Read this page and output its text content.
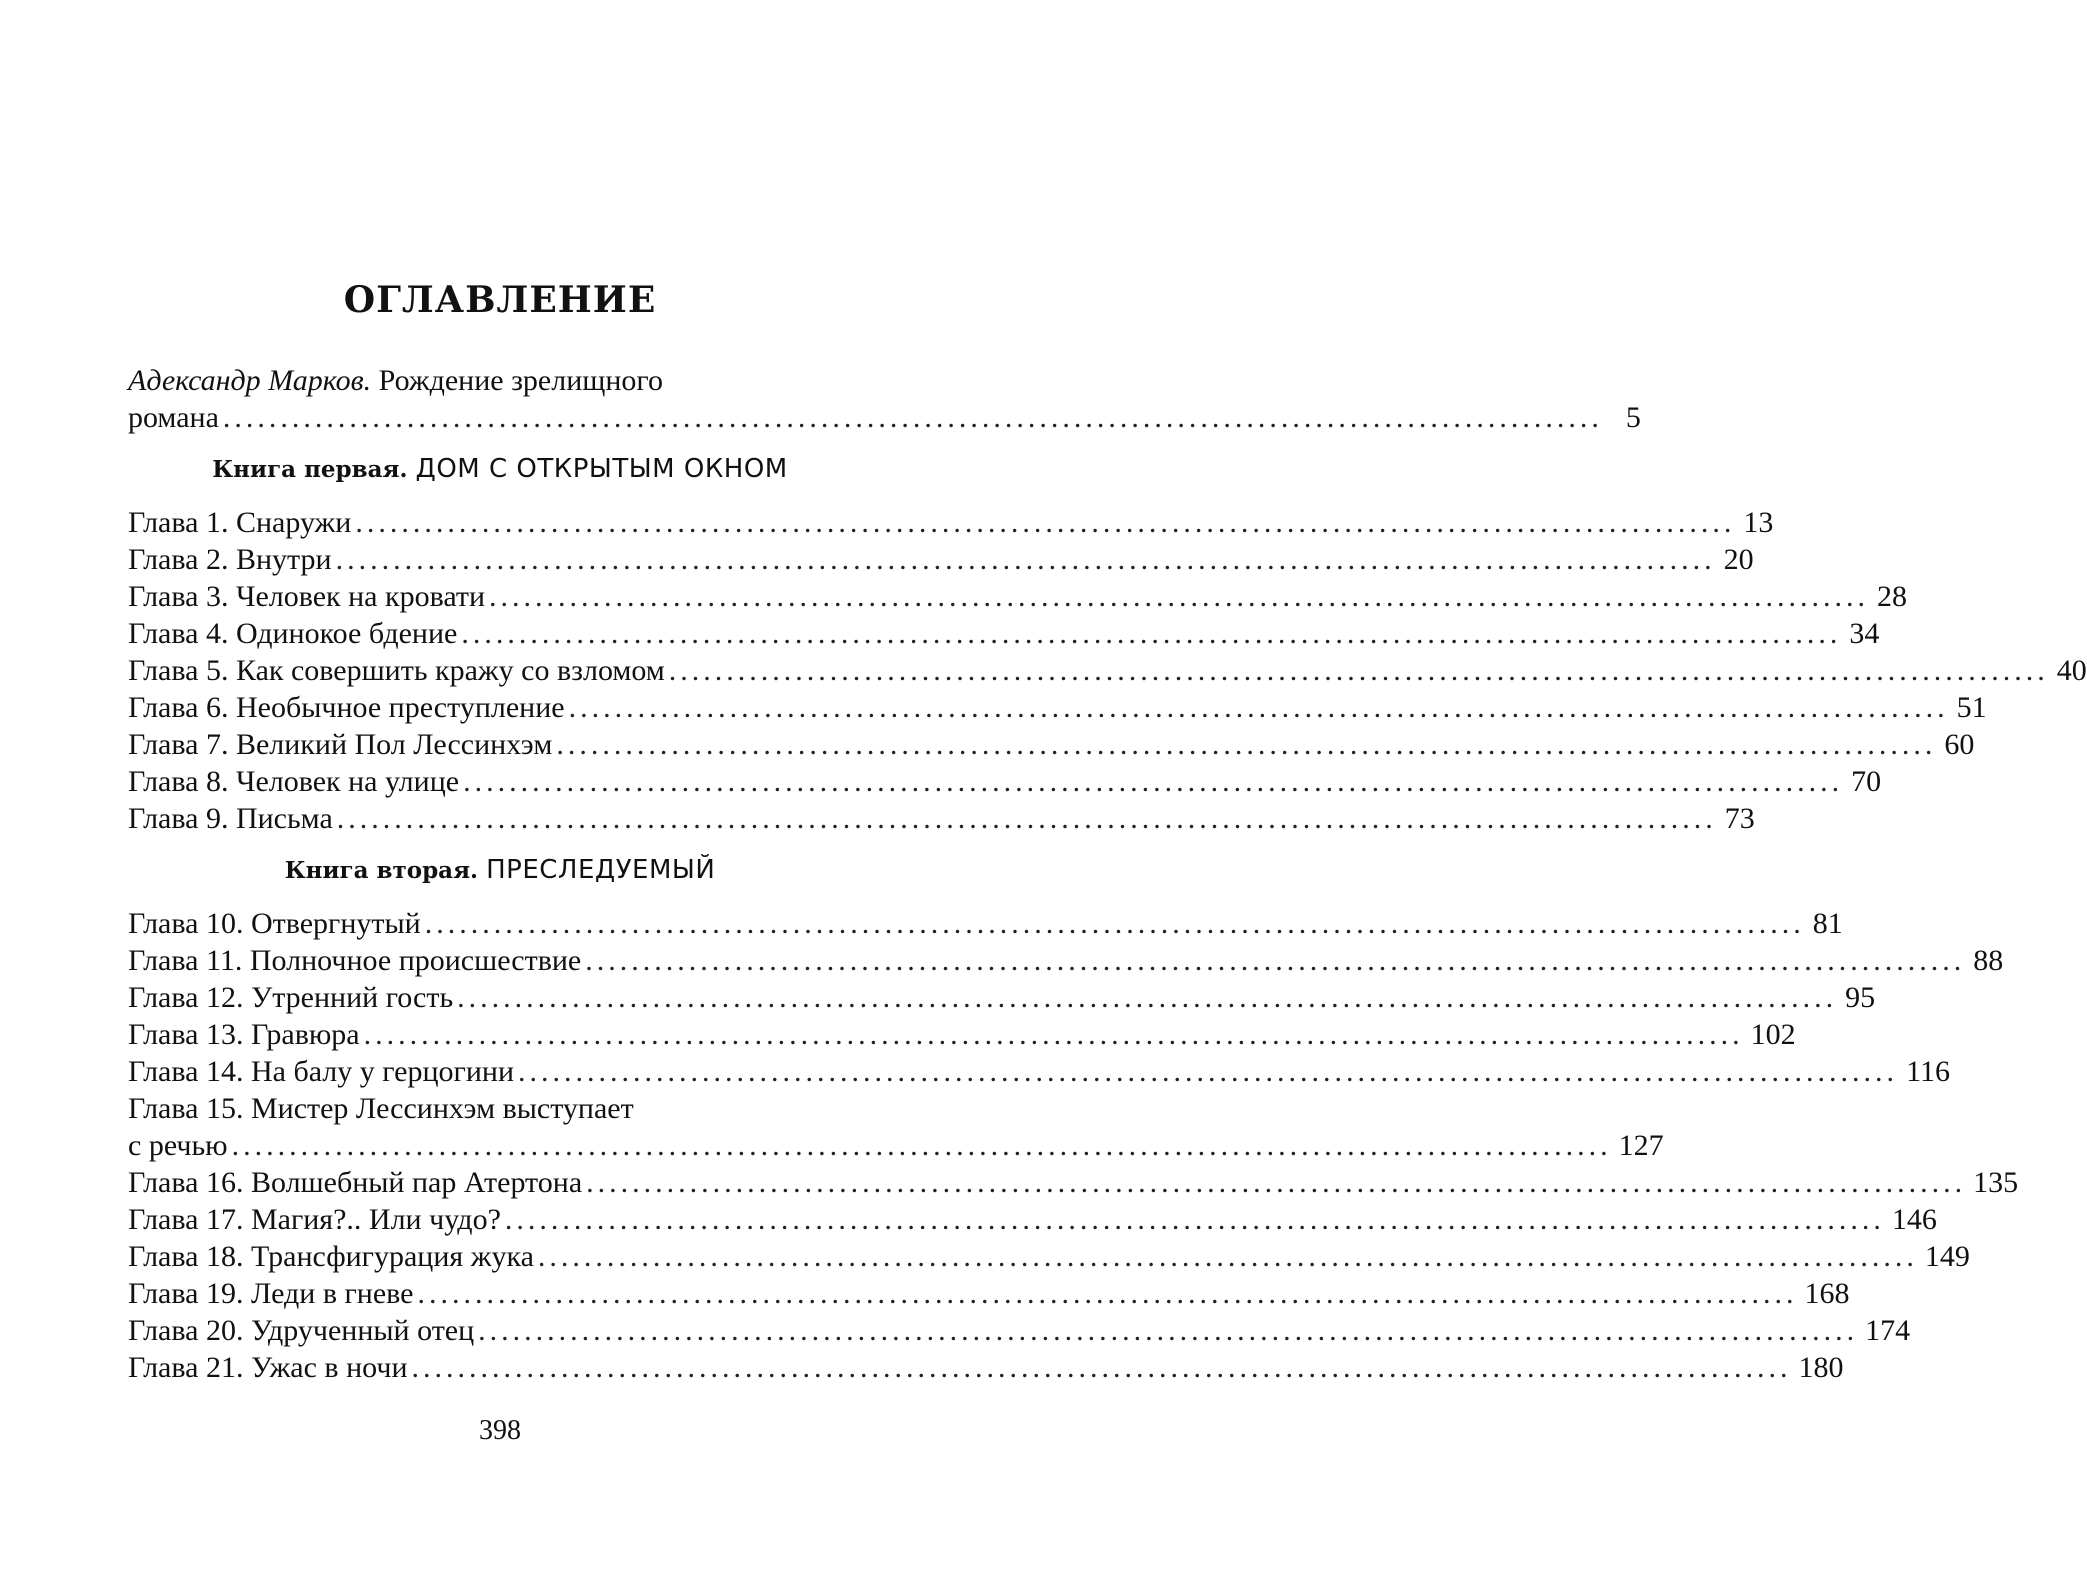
ОГЛАВЛЕНИЕ
Адександр Марков. Рождение зрелищного
романа ........................................................................................................................ 5
Книга первая. ДОМ С ОТКРЫТЫМ ОКНОМ
Глава 1. Снаружи ........................................................................................................................ 13
Глава 2. Внутри ........................................................................................................................ 20
Глава 3. Человек на кровати ........................................................................................................................ 28
Глава 4. Одинокое бдение ........................................................................................................................ 34
Глава 5. Как совершить кражу со взломом ........................................................................................................................ 40
Глава 6. Необычное преступление ........................................................................................................................ 51
Глава 7. Великий Пол Лессинхэм ........................................................................................................................ 60
Глава 8. Человек на улице ........................................................................................................................ 70
Глава 9. Письма ........................................................................................................................ 73
Книга вторая. ПРЕСЛЕДУЕМЫЙ
Глава 10. Отвергнутый ........................................................................................................................ 81
Глава 11. Полночное происшествие ........................................................................................................................ 88
Глава 12. Утренний гость ........................................................................................................................ 95
Глава 13. Гравюра ........................................................................................................................ 102
Глава 14. На балу у герцогини ........................................................................................................................ 116
Глава 15. Мистер Лессинхэм выступает
с речью ........................................................................................................................ 127
Глава 16. Волшебный пар Атертона ........................................................................................................................ 135
Глава 17. Магия?.. Или чудо? ........................................................................................................................ 146
Глава 18. Трансфигурация жука ........................................................................................................................ 149
Глава 19. Леди в гневе ........................................................................................................................ 168
Глава 20. Удрученный отец ........................................................................................................................ 174
Глава 21. Ужас в ночи ........................................................................................................................ 180
398
